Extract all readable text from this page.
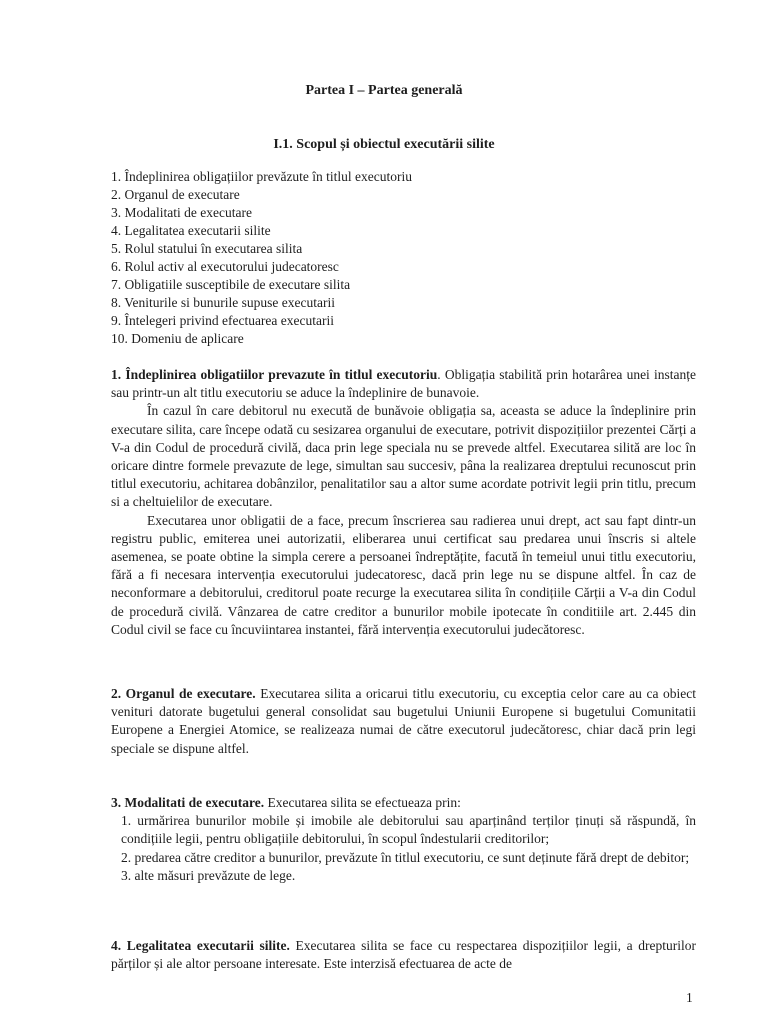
Partea I – Partea generală
I.1. Scopul și obiectul executării silite
1. Îndeplinirea obligațiilor prevăzute în titlul executoriu
2. Organul de executare
3. Modalitati de executare
4. Legalitatea executarii silite
5. Rolul statului în executarea silita
6. Rolul activ al executorului judecatoresc
7. Obligatiile susceptibile de executare silita
8. Veniturile si bunurile supuse executarii
9. Întelegeri privind efectuarea executarii
10. Domeniu de aplicare

1. Îndeplinirea obligatiilor prevazute în titlul executoriu. Obligația stabilită prin hotarârea unei instanțe sau printr-un alt titlu executoriu se aduce la îndeplinire de bunavoie.

În cazul în care debitorul nu execută de bunăvoie obligația sa, aceasta se aduce la îndeplinire prin executare silita, care începe odată cu sesizarea organului de executare, potrivit dispozițiilor prezentei Cărți a V-a din Codul de procedură civilă, daca prin lege speciala nu se prevede altfel. Executarea silită are loc în oricare dintre formele prevazute de lege, simultan sau succesiv, pâna la realizarea dreptului recunoscut prin titlul executoriu, achitarea dobânzilor, penalitatilor sau a altor sume acordate potrivit legii prin titlu, precum si a cheltuielilor de executare.

Executarea unor obligatii de a face, precum înscrierea sau radierea unui drept, act sau fapt dintr-un registru public, emiterea unei autorizatii, eliberarea unui certificat sau predarea unui înscris si altele asemenea, se poate obtine la simpla cerere a persoanei îndreptățite, facută în temeiul unui titlu executoriu, fără a fi necesara intervenția executorului judecatoresc, dacă prin lege nu se dispune altfel. În caz de neconformare a debitorului, creditorul poate recurge la executarea silita în condițiile Cărții a V-a din Codul de procedură civilă. Vânzarea de catre creditor a bunurilor mobile ipotecate în conditiile art. 2.445 din Codul civil se face cu încuviintarea instantei, fără intervenția executorului judecătoresc.

2. Organul de executare. Executarea silita a oricarui titlu executoriu, cu exceptia celor care au ca obiect venituri datorate bugetului general consolidat sau bugetului Uniunii Europene si bugetului Comunitatii Europene a Energiei Atomice, se realizeaza numai de către executorul judecătoresc, chiar dacă prin legi speciale se dispune altfel.

3. Modalitati de executare. Executarea silita se efectueaza prin:

1. urmărirea bunurilor mobile și imobile ale debitorului sau aparținând terților ținuți să răspundă, în condițiile legii, pentru obligațiile debitorului, în scopul îndestularii creditorilor;

2. predarea către creditor a bunurilor, prevăzute în titlul executoriu, ce sunt deținute fără drept de debitor;

3. alte măsuri prevăzute de lege.

4. Legalitatea executarii silite. Executarea silita se face cu respectarea dispozițiilor legii, a drepturilor părților și ale altor persoane interesate. Este interzisă efectuarea de acte de

1
